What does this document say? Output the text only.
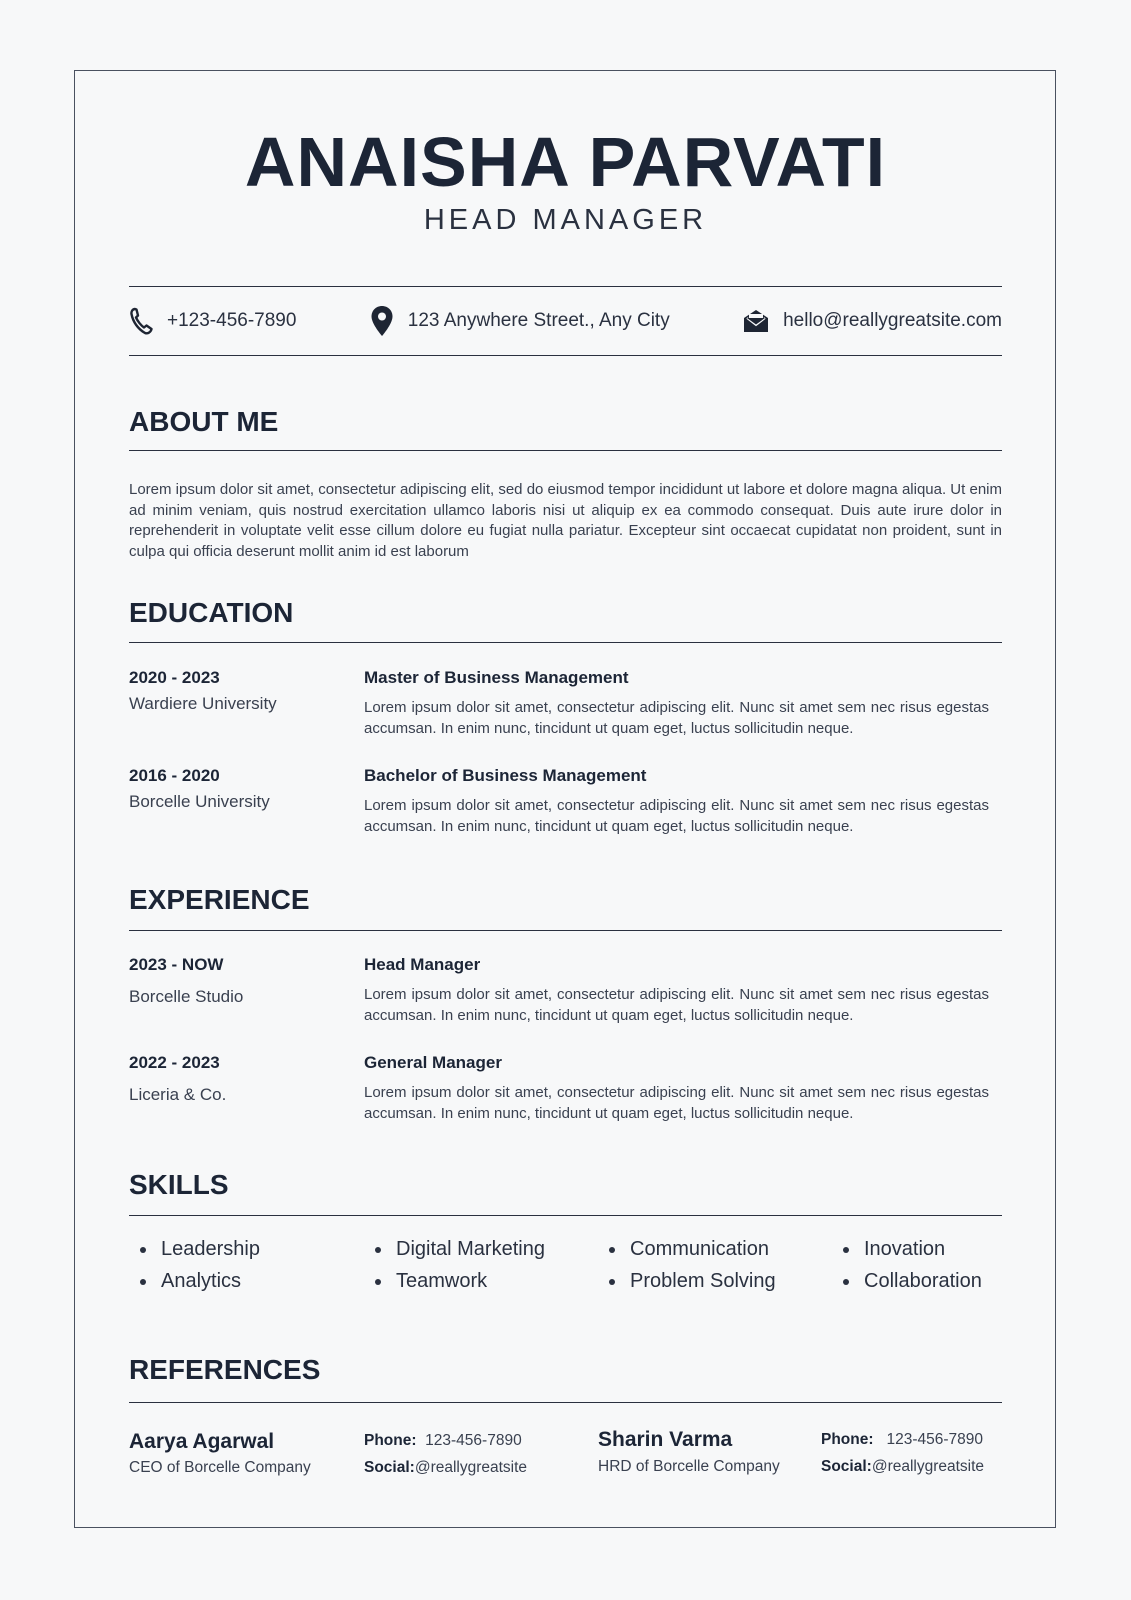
ANAISHA PARVATI
HEAD MANAGER
+123-456-7890	123 Anywhere Street., Any City	hello@reallygreatsite.com
ABOUT ME

Lorem ipsum dolor sit amet, consectetur adipiscing elit, sed do eiusmod tempor incididunt ut labore et dolore magna aliqua. Ut enim ad minim veniam, quis nostrud exercitation ullamco laboris nisi ut aliquip ex ea commodo consequat. Duis aute irure dolor in reprehenderit in voluptate velit esse cillum dolore eu fugiat nulla pariatur. Excepteur sint occaecat cupidatat non proident, sunt in culpa qui officia deserunt mollit anim id est laborum

EDUCATION
2020 - 2023
Wardiere University
Master of Business Management

Lorem ipsum dolor sit amet, consectetur adipiscing elit. Nunc sit amet sem nec risus egestas accumsan. In enim nunc, tincidunt ut quam eget, luctus sollicitudin neque.

2016 - 2020
Borcelle University
Bachelor of Business Management

Lorem ipsum dolor sit amet, consectetur adipiscing elit. Nunc sit amet sem nec risus egestas accumsan. In enim nunc, tincidunt ut quam eget, luctus sollicitudin neque.

EXPERIENCE
2023 - NOW
Borcelle Studio
Head Manager

Lorem ipsum dolor sit amet, consectetur adipiscing elit. Nunc sit amet sem nec risus egestas accumsan. In enim nunc, tincidunt ut quam eget, luctus sollicitudin neque.

2022 - 2023
Liceria & Co.
General Manager

Lorem ipsum dolor sit amet, consectetur adipiscing elit. Nunc sit amet sem nec risus egestas accumsan. In enim nunc, tincidunt ut quam eget, luctus sollicitudin neque.

SKILLS
Leadership
Analytics
Digital Marketing
Teamwork
Communication
Problem Solving
Inovation
Collaboration
REFERENCES
Aarya Agarwal
CEO of Borcelle Company
Phone: 123-456-7890
Social:@reallygreatsite
Sharin Varma
HRD of Borcelle Company
Phone: 123-456-7890
Social:@reallygreatsite
